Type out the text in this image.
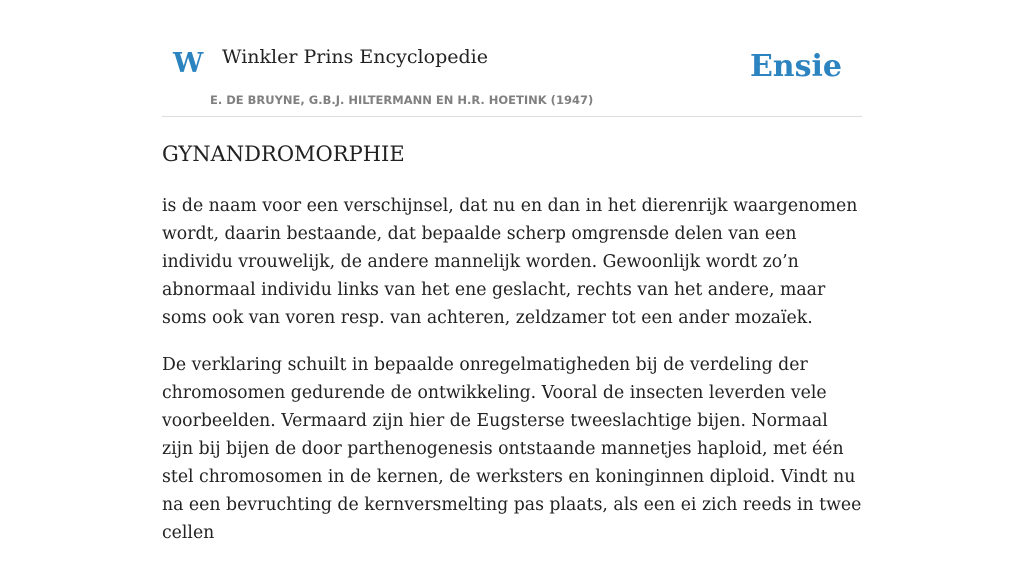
W Winkler Prins Encyclopedie
E. DE BRUYNE, G.B.J. HILTERMANN EN H.R. HOETINK (1947)
Ensie
GYNANDROMORPHIE

is de naam voor een verschijnsel, dat nu en dan in het dierenrijk waargenomen wordt, daarin bestaande, dat bepaalde scherp omgrensde delen van een individu vrouwelijk, de andere mannelijk worden. Gewoonlijk wordt zo’n abnormaal individu links van het ene geslacht, rechts van het andere, maar soms ook van voren resp. van achteren, zeldzamer tot een ander mozaïek.

De verklaring schuilt in bepaalde onregelmatigheden bij de verdeling der chromosomen gedurende de ontwikkeling. Vooral de insecten leverden vele voorbeelden. Vermaard zijn hier de Eugsterse tweeslachtige bijen. Normaal zijn bij bijen de door parthenogenesis ontstaande mannetjes haploid, met één stel chromosomen in de kernen, de werksters en koninginnen diploid. Vindt nu na een bevruchting de kernversmelting pas plaats, als een ei zich reeds in twee cellen
